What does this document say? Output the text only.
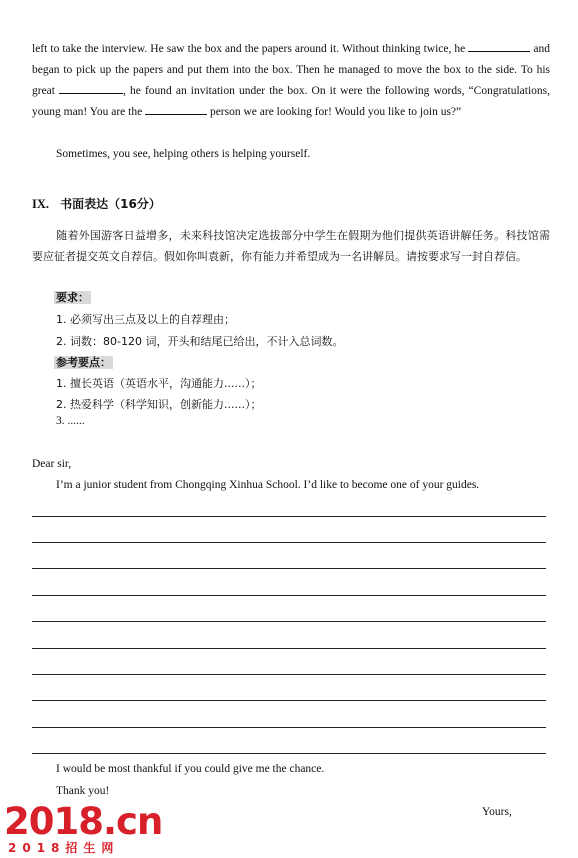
left to take the interview. He saw the box and the papers around it. Without thinking twice, he	and began to pick up the papers and put them into the box. Then he managed to move the box to the side. To his great	, he found an invitation under the box. On it were the following words, “Congratulations, young man! You are the	person we are looking for! Would you like to join us?”

Sometimes, you see, helping others is helping yourself.
IX. 书面表达（16分）

随着外国游客日益增多，未来科技馆决定选拔部分中学生在假期为他们提供英语讲解任务。科技馆需要应征者提交英文自荐信。假如你叫袁新，你有能力并希望成为一名讲解员。请按要求写一封自荐信。

要求：
1. 必须写出三点及以上的自荐理由；
2. 词数：80-120 词，开头和结尾已给出，不计入总词数。
参考要点：
1. 擅长英语（英语水平，沟通能力......）；
2. 热爱科学（科学知识，创新能力......）；
3. ......
Dear sir,
I’m a junior student from Chongqing Xinhua School. I’d like to become one of your guides.
I would be most thankful if you could give me the chance.
Thank you!
Yours,
2018.cn
2018招生网
